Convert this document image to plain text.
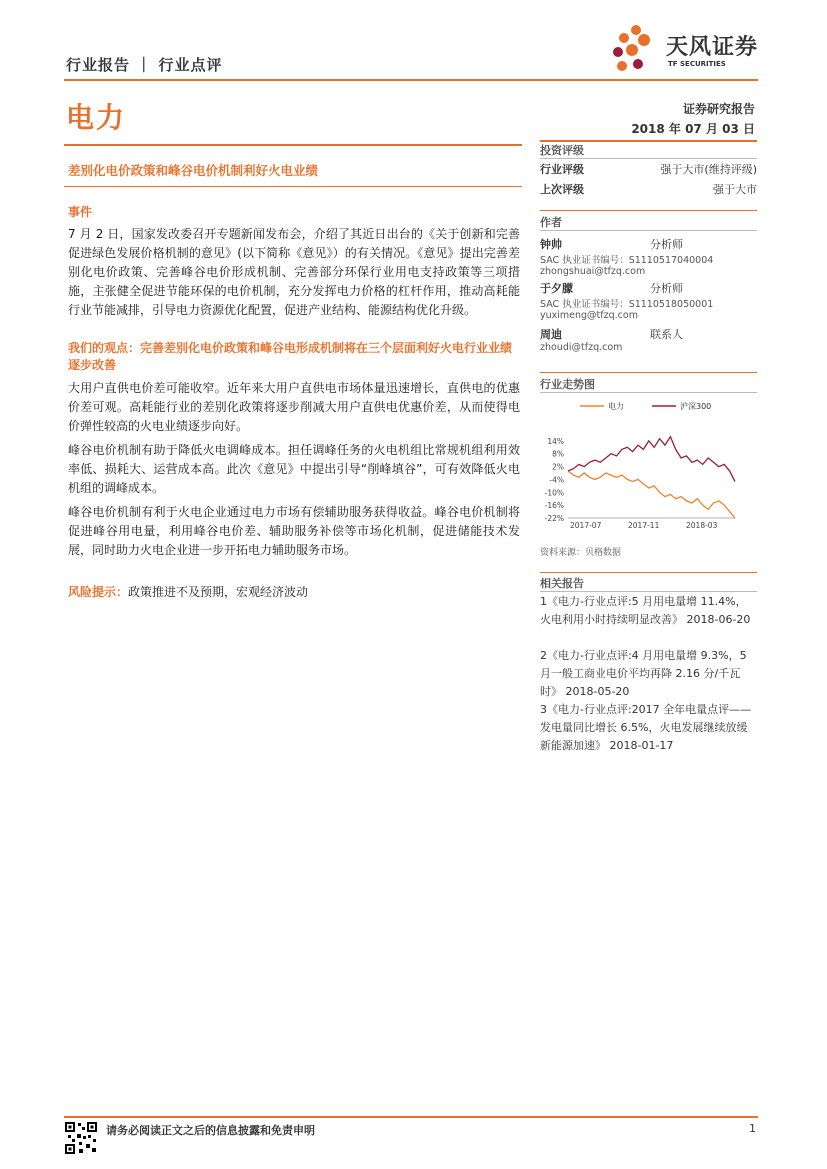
行业报告 ｜ 行业点评
天风证券
TF SECURITIES
电力	证券研究报告
2018 年 07 月 03 日
差别化电价政策和峰谷电价机制利好火电业绩
事件
7 月 2 日，国家发改委召开专题新闻发布会，介绍了其近日出台的《关于创新和完善促进绿色发展价格机制的意见》(以下简称《意见》）的有关情况。《意见》提出完善差别化电价政策、完善峰谷电价形成机制、完善部分环保行业用电支持政策等三项措施，主张健全促进节能环保的电价机制，充分发挥电力价格的杠杆作用，推动高耗能行业节能减排，引导电力资源优化配置，促进产业结构、能源结构优化升级。
我们的观点：完善差别化电价政策和峰谷电形成机制将在三个层面利好火电行业业绩逐步改善
大用户直供电价差可能收窄。近年来大用户直供电市场体量迅速增长，直供电的优惠价差可观。高耗能行业的差别化政策将逐步削减大用户直供电优惠价差，从而使得电价弹性较高的火电业绩逐步向好。
峰谷电价机制有助于降低火电调峰成本。担任调峰任务的火电机组比常规机组利用效率低、损耗大、运营成本高。此次《意见》中提出引导“削峰填谷”，可有效降低火电机组的调峰成本。
峰谷电价机制有利于火电企业通过电力市场有偿辅助服务获得收益。峰谷电价机制将促进峰谷用电量，利用峰谷电价差、辅助服务补偿等市场化机制，促进储能技术发展，同时助力火电企业进一步开拓电力辅助服务市场。
风险提示：政策推进不及预期，宏观经济波动
投资评级
行业评级	强于大市(维持评级)
上次评级	强于大市
作者
钟帅	分析师
SAC 执业证书编号：S1110517040004
zhongshuai@tfzq.com
于夕朦	分析师
SAC 执业证书编号：S1110518050001
yuximeng@tfzq.com
周迪	联系人
zhoudi@tfzq.com
行业走势图
电力	沪深300
14%
8%
2%
-4%
-10%
-16%
-22%
2017-07	2017-11	2018-03
资料来源：贝格数据
相关报告
1《电力-行业点评:5 月用电量增 11.4%，火电利用小时持续明显改善》 2018-06-20
2《电力-行业点评:4 月用电量增 9.3%，5 月一般工商业电价平均再降 2.16 分/千瓦时》 2018-05-20
3《电力-行业点评:2017 全年电量点评——发电量同比增长 6.5%，火电发展继续放缓新能源加速》 2018-01-17
请务必阅读正文之后的信息披露和免责申明	1
